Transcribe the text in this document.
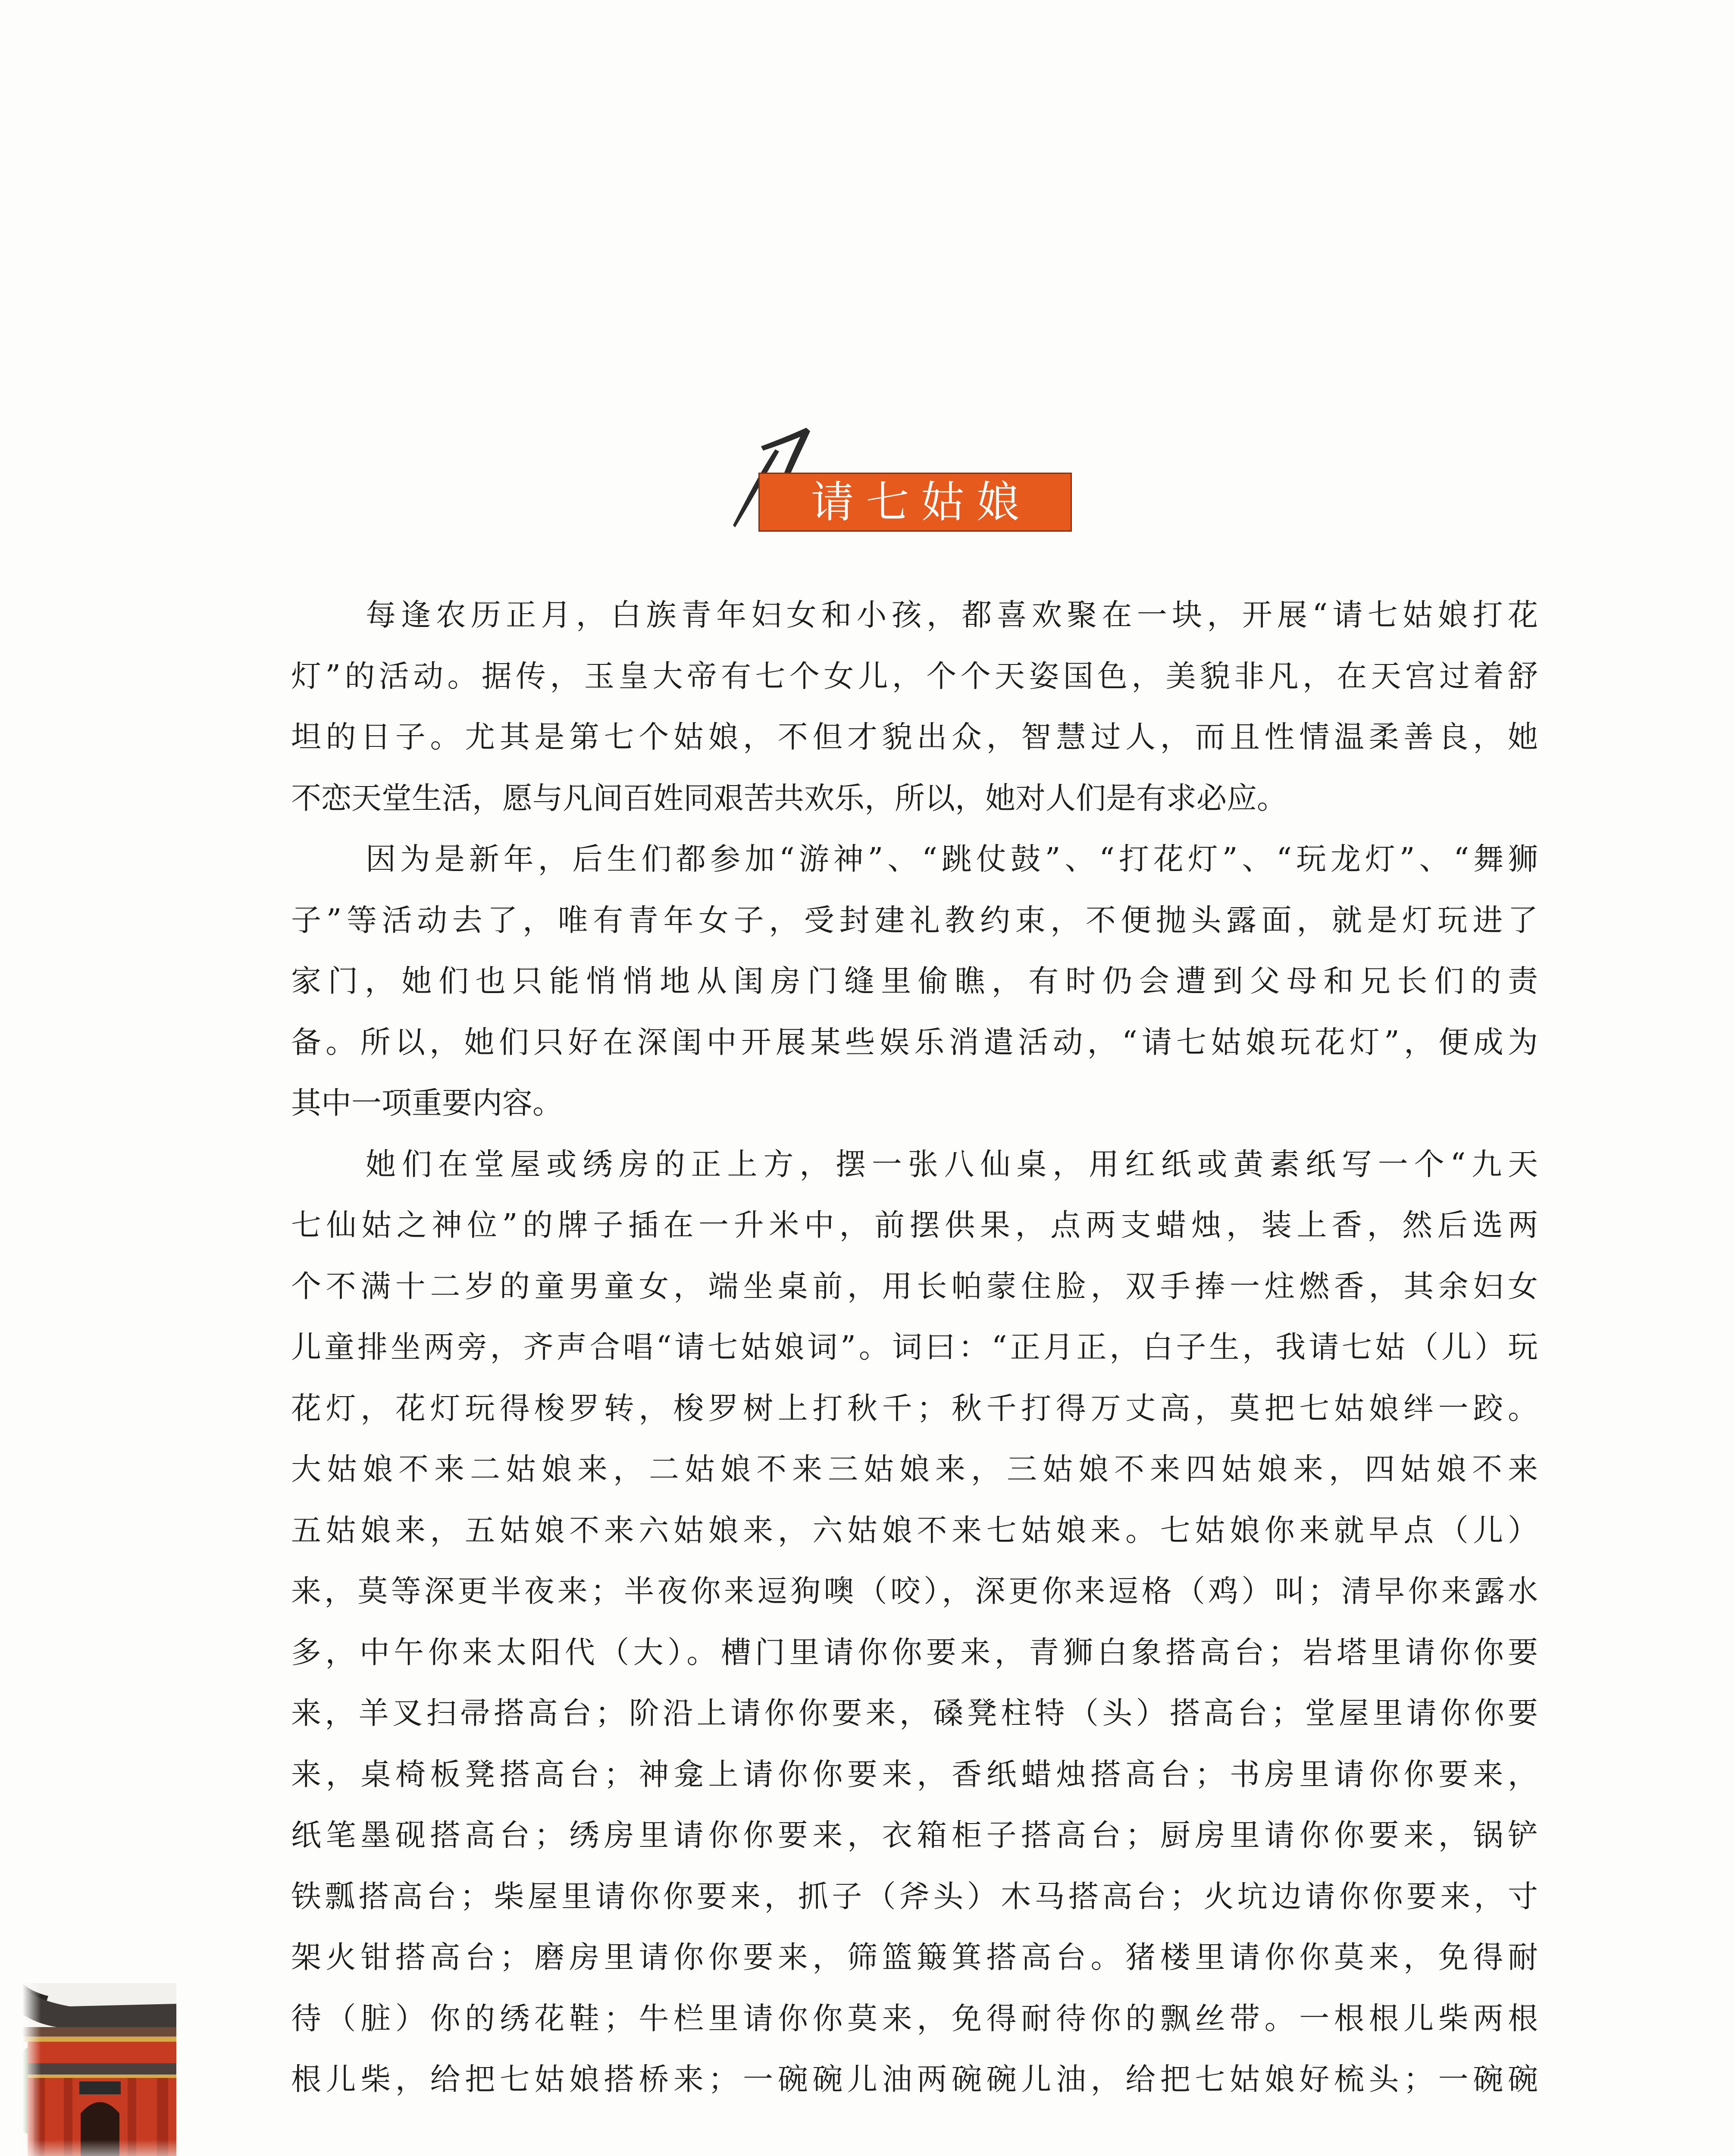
请七姑娘
每逢农历正月，白族青年妇女和小孩，都喜欢聚在一块，开展“请七姑娘打花
灯”的活动。据传，玉皇大帝有七个女儿，个个天姿国色，美貌非凡，在天宫过着舒
坦的日子。尤其是第七个姑娘，不但才貌出众，智慧过人，而且性情温柔善良，她
不恋天堂生活，愿与凡间百姓同艰苦共欢乐，所以，她对人们是有求必应。
因为是新年，后生们都参加“游神”、“跳仗鼓”、“打花灯”、“玩龙灯”、“舞狮
子”等活动去了，唯有青年女子，受封建礼教约束，不便抛头露面，就是灯玩进了
家门，她们也只能悄悄地从闺房门缝里偷瞧，有时仍会遭到父母和兄长们的责
备。所以，她们只好在深闺中开展某些娱乐消遣活动，“请七姑娘玩花灯”，便成为
其中一项重要内容。
她们在堂屋或绣房的正上方，摆一张八仙桌，用红纸或黄素纸写一个“九天
七仙姑之神位”的牌子插在一升米中，前摆供果，点两支蜡烛，装上香，然后选两
个不满十二岁的童男童女，端坐桌前，用长帕蒙住脸，双手捧一炷燃香，其余妇女
儿童排坐两旁，齐声合唱“请七姑娘词”。词曰：“正月正，白子生，我请七姑（儿）玩
花灯，花灯玩得梭罗转，梭罗树上打秋千；秋千打得万丈高，莫把七姑娘绊一跤。
大姑娘不来二姑娘来，二姑娘不来三姑娘来，三姑娘不来四姑娘来，四姑娘不来
五姑娘来，五姑娘不来六姑娘来，六姑娘不来七姑娘来。七姑娘你来就早点（儿）
来，莫等深更半夜来；半夜你来逗狗噢（咬），深更你来逗格（鸡）叫；清早你来露水
多，中午你来太阳代（大）。槽门里请你你要来，青狮白象搭高台；岩塔里请你你要
来，羊叉扫帚搭高台；阶沿上请你你要来，磉凳柱特（头）搭高台；堂屋里请你你要
来，桌椅板凳搭高台；神龛上请你你要来，香纸蜡烛搭高台；书房里请你你要来，
纸笔墨砚搭高台；绣房里请你你要来，衣箱柜子搭高台；厨房里请你你要来，锅铲
铁瓢搭高台；柴屋里请你你要来，抓子（斧头）木马搭高台；火坑边请你你要来，寸
架火钳搭高台；磨房里请你你要来，筛篮簸箕搭高台。猪楼里请你你莫来，免得耐
待（脏）你的绣花鞋；牛栏里请你你莫来，免得耐待你的飘丝带。一根根儿柴两根
根儿柴，给把七姑娘搭桥来；一碗碗儿油两碗碗儿油，给把七姑娘好梳头；一碗碗
